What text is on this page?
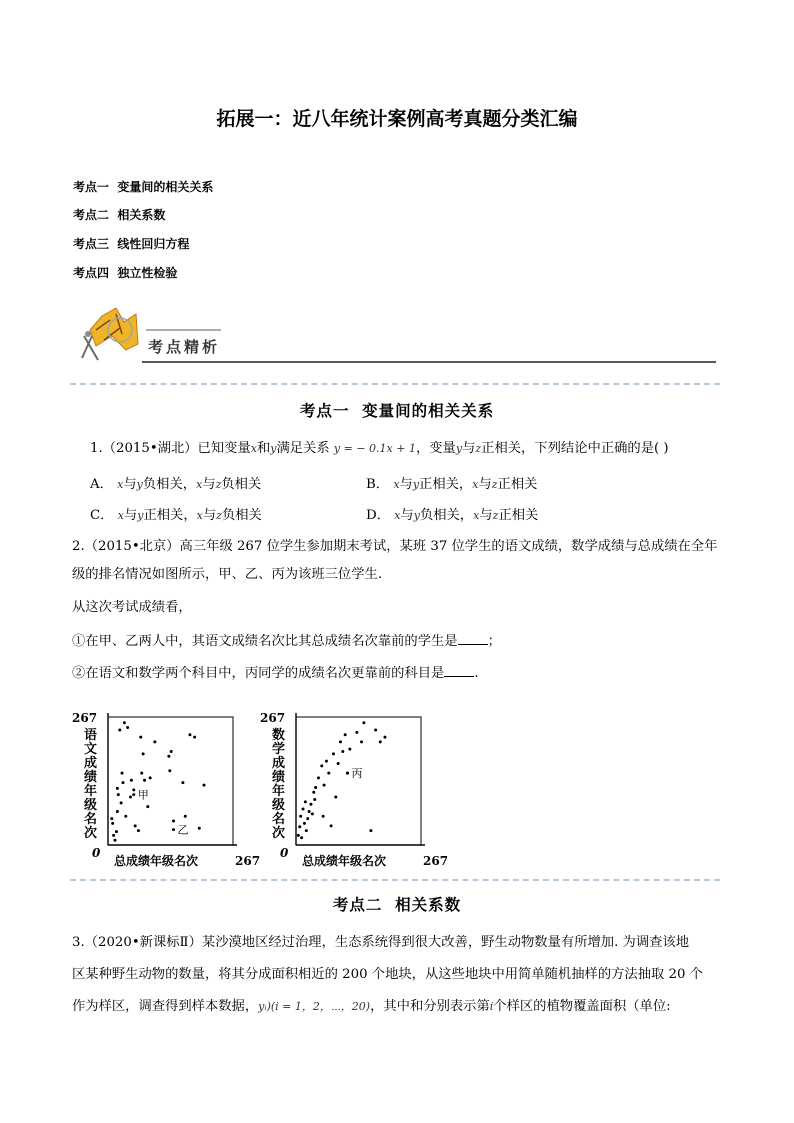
拓展一：近八年统计案例高考真题分类汇编
考点一 变量间的相关关系
考点二 相关系数
考点三 线性回归方程
考点四 独立性检验
考点精析
考点一  变量间的相关关系
1.（2015•湖北）已知变量x和y满足关系 y = − 0.1x + 1，变量y与z正相关，下列结论中正确的是( )
A． x与y负相关，x与z负相关	B． x与y正相关，x与z正相关
C． x与y正相关，x与z负相关	D． x与y负相关，x与z正相关
2.（2015•北京）高三年级 267 位学生参加期末考试，某班 37 位学生的语文成绩，数学成绩与总成绩在全年
级的排名情况如图所示，甲、乙、丙为该班三位学生.
从这次考试成绩看，
①在甲、乙两人中，其语文成绩名次比其总成绩名次靠前的学生是 ；
②在语文和数学两个科目中，丙同学的成绩名次更靠前的科目是 .
267
0
267
总成绩年级名次
语
文
成
绩
年
级
名
次
甲
乙
267
0
267
总成绩年级名次
数
学
成
绩
年
级
名
次
丙
考点二  相关系数
3.（2020•新课标Ⅱ）某沙漠地区经过治理，生态系统得到很大改善，野生动物数量有所增加. 为调查该地
区某种野生动物的数量，将其分成面积相近的 200 个地块，从这些地块中用简单随机抽样的方法抽取 20 个
作为样区，调查得到样本数据，yᵢ)(i = 1，2，⋯，20)，其中和分别表示第i个样区的植物覆盖面积（单位:
